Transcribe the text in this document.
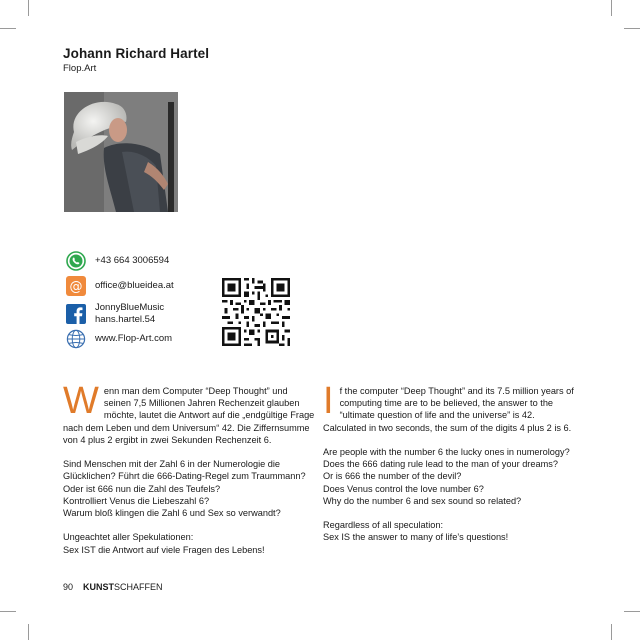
Johann Richard Hartel
Flop.Art
+43 664 3006594
@ office@blueidea.at
JonnyBlueMusic
hans.hartel.54
www.Flop-Art.com

Wenn man dem Computer “Deep Thought” und seinen 7,5 Millionen Jahren Rechenzeit glauben möchte, lautet die Antwort auf die „endgültige Frage nach dem Leben und dem Universum“ 42. Die Ziffernsumme von 4 plus 2 ergibt in zwei Sekunden Rechenzeit 6.

Sind Menschen mit der Zahl 6 in der Numerologie die Glücklichen? Führt die 666-Dating-Regel zum Traummann?

Oder ist 666 nun die Zahl des Teufels?

Kontrolliert Venus die Liebeszahl 6?

Warum bloß klingen die Zahl 6 und Sex so verwandt?

Ungeachtet aller Spekulationen:

Sex IST die Antwort auf viele Fragen des Lebens!

If the computer “Deep Thought” and its 7.5 million years of computing time are to be believed, the answer to the “ultimate question of life and the universe” is 42. Calculated in two seconds, the sum of the digits 4 plus 2 is 6.

Are people with the number 6 the lucky ones in numerology?

Does the 666 dating rule lead to the man of your dreams?

Or is 666 the number of the devil?

Does Venus control the love number 6?

Why do the number 6 and sex sound so related?

Regardless of all speculation:

Sex IS the answer to many of life’s questions!

90 KUNSTSCHAFFEN
